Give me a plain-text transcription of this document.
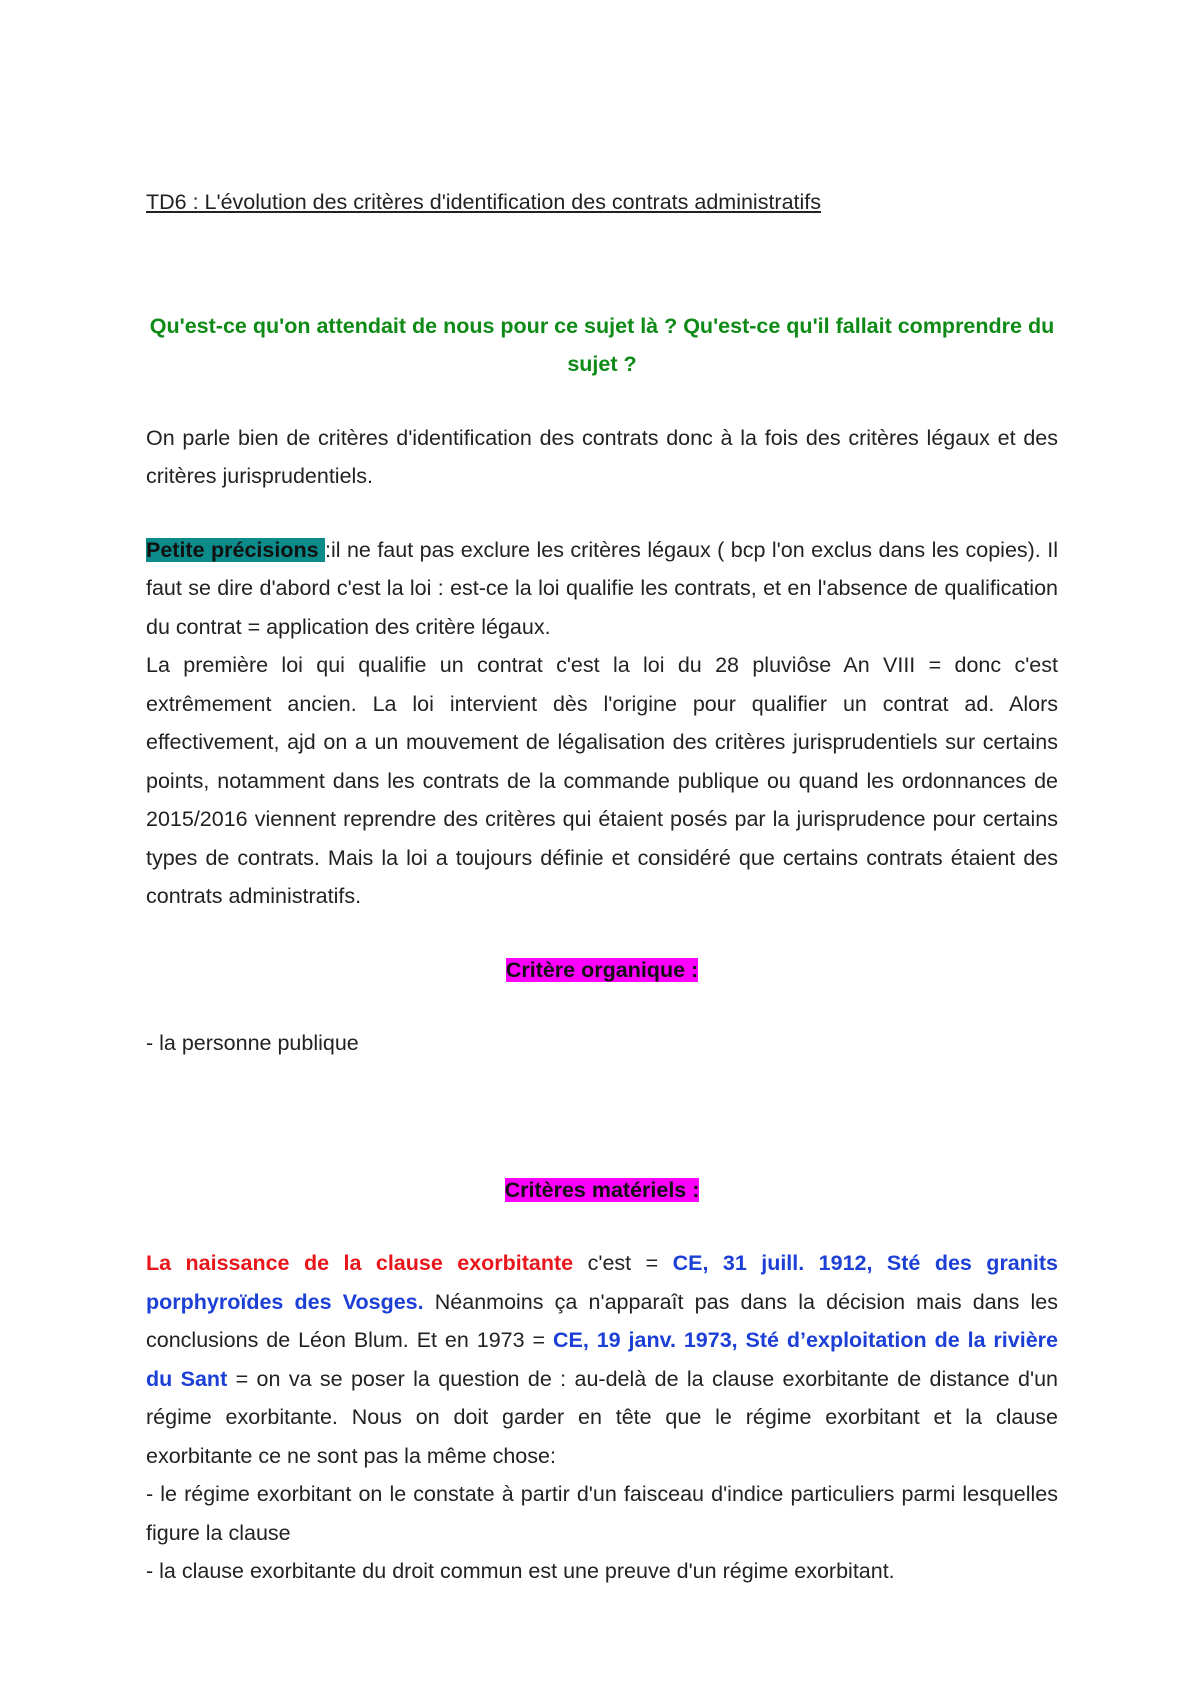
TD6 : L'évolution des critères d'identification des contrats administratifs

Qu'est-ce qu'on attendait de nous pour ce sujet là ? Qu'est-ce qu'il fallait comprendre du sujet ?

On parle bien de critères d'identification des contrats donc à la fois des critères légaux et des critères jurisprudentiels.

Petite précisions :il ne faut pas exclure les critères légaux ( bcp l'on exclus dans les copies). Il faut se dire d'abord c'est la loi : est-ce la loi qualifie les contrats, et en l'absence de qualification du contrat = application des critère légaux.

La première loi qui qualifie un contrat c'est la loi du 28 pluviôse An VIII = donc c'est extrêmement ancien. La loi intervient dès l'origine pour qualifier un contrat ad. Alors effectivement, ajd on a un mouvement de légalisation des critères jurisprudentiels sur certains points, notamment dans les contrats de la commande publique ou quand les ordonnances de 2015/2016 viennent reprendre des critères qui étaient posés par la jurisprudence pour certains types de contrats. Mais la loi a toujours définie et considéré que certains contrats étaient des contrats administratifs.

Critère organique :

- la personne publique

Critères matériels :

La naissance de la clause exorbitante c'est = CE, 31 juill. 1912, Sté des granits porphyroïdes des Vosges. Néanmoins ça n'apparaît pas dans la décision mais dans les conclusions de Léon Blum. Et en 1973 = CE, 19 janv. 1973, Sté d’exploitation de la rivière du Sant = on va se poser la question de : au-delà de la clause exorbitante de distance d'un régime exorbitante. Nous on doit garder en tête que le régime exorbitant et la clause exorbitante ce ne sont pas la même chose:

- le régime exorbitant on le constate à partir d'un faisceau d'indice particuliers parmi lesquelles figure la clause

- la clause exorbitante du droit commun est une preuve d'un régime exorbitant.
